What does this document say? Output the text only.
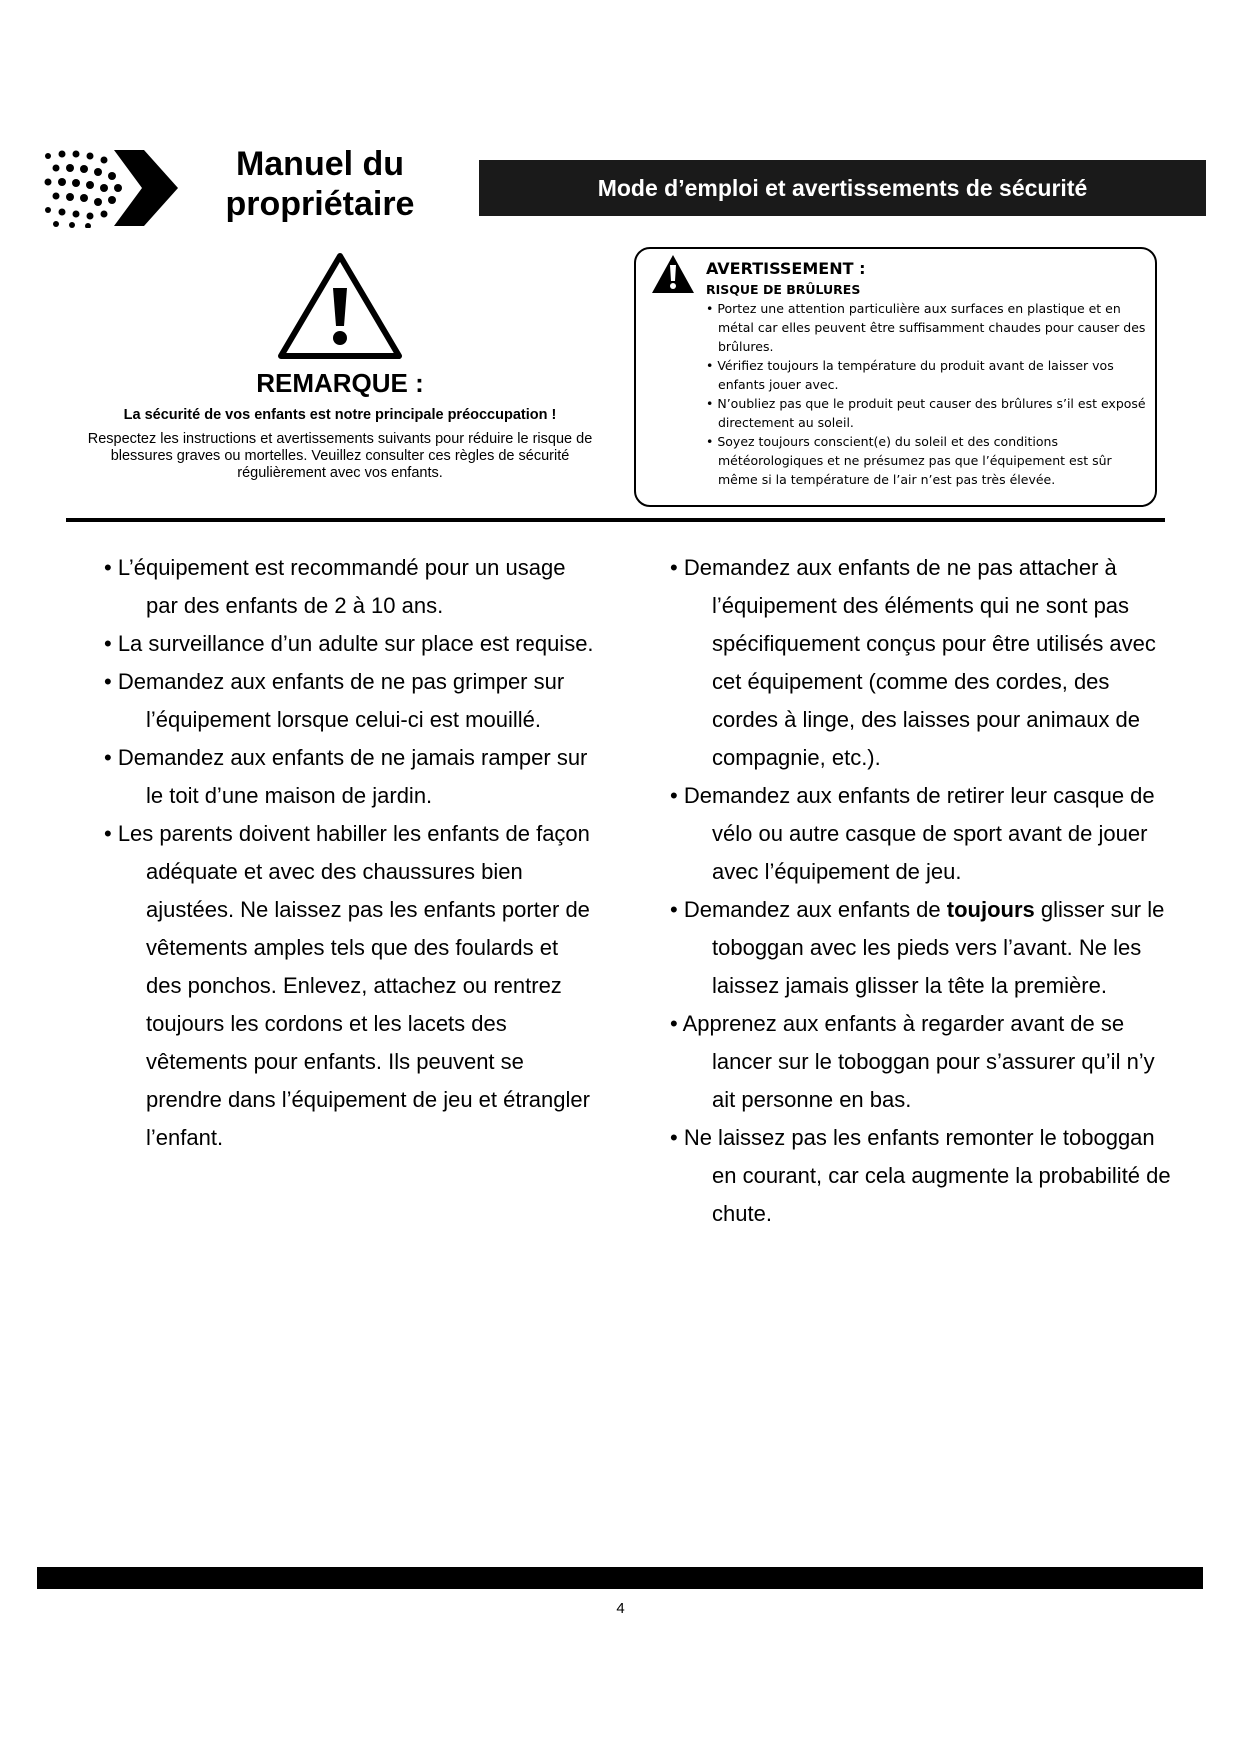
Manuel du
propriétaire	Mode d’emploi et avertissements de sécurité
REMARQUE :
La sécurité de vos enfants est notre principale préoccupation !
Respectez les instructions et avertissements suivants pour réduire le risque de blessures graves ou mortelles. Veuillez consulter ces règles de sécurité régulièrement avec vos enfants.
AVERTISSEMENT :
RISQUE DE BRÛLURES
• Portez une attention particulière aux surfaces en plastique et en métal car elles peuvent être suffisamment chaudes pour causer des brûlures.
• Vérifiez toujours la température du produit avant de laisser vos enfants jouer avec.
• N’oubliez pas que le produit peut causer des brûlures s’il est exposé directement au soleil.
• Soyez toujours conscient(e) du soleil et des conditions météorologiques et ne présumez pas que l’équipement est sûr même si la température de l’air n’est pas très élevée.
• L’équipement est recommandé pour un usage par des enfants de 2 à 10 ans.
• La surveillance d’un adulte sur place est requise.
• Demandez aux enfants de ne pas grimper sur l’équipement lorsque celui-ci est mouillé.
• Demandez aux enfants de ne jamais ramper sur le toit d’une maison de jardin.
• Les parents doivent habiller les enfants de façon adéquate et avec des chaussures bien ajustées. Ne laissez pas les enfants porter de vêtements amples tels que des foulards et des ponchos. Enlevez, attachez ou rentrez toujours les cordons et les lacets des vêtements pour enfants. Ils peuvent se prendre dans l’équipement de jeu et étrangler l’enfant.
• Demandez aux enfants de ne pas attacher à l’équipement des éléments qui ne sont pas spécifiquement conçus pour être utilisés avec cet équipement (comme des cordes, des cordes à linge, des laisses pour animaux de compagnie, etc.).
• Demandez aux enfants de retirer leur casque de vélo ou autre casque de sport avant de jouer avec l’équipement de jeu.
• Demandez aux enfants de toujours glisser sur le toboggan avec les pieds vers l’avant. Ne les laissez jamais glisser la tête la première.
• Apprenez aux enfants à regarder avant de se lancer sur le toboggan pour s’assurer qu’il n’y ait personne en bas.
• Ne laissez pas les enfants remonter le toboggan en courant, car cela augmente la probabilité de chute.
4
